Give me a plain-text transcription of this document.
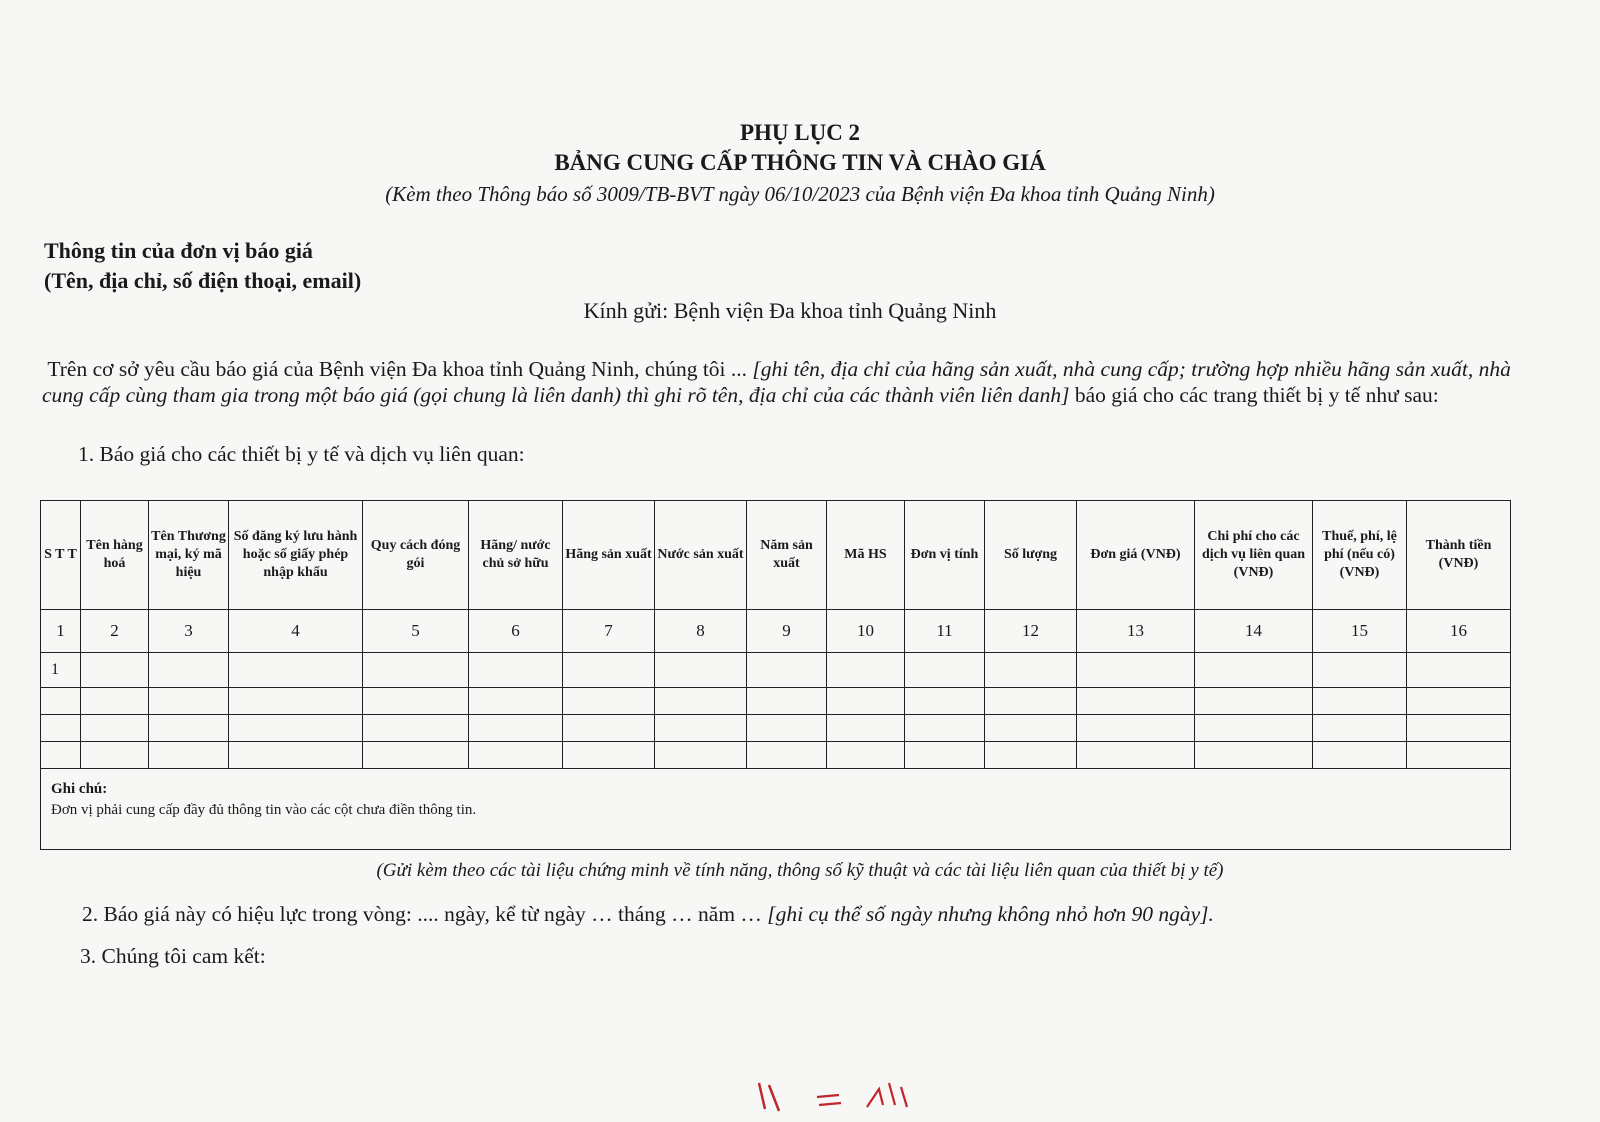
PHỤ LỤC 2
BẢNG CUNG CẤP THÔNG TIN VÀ CHÀO GIÁ
(Kèm theo Thông báo số 3009/TB-BVT ngày 06/10/2023 của Bệnh viện Đa khoa tỉnh Quảng Ninh)
Thông tin của đơn vị báo giá
(Tên, địa chỉ, số điện thoại, email)
Kính gửi: Bệnh viện Đa khoa tỉnh Quảng Ninh
Trên cơ sở yêu cầu báo giá của Bệnh viện Đa khoa tỉnh Quảng Ninh, chúng tôi ... [ghi tên, địa chỉ của hãng sản xuất, nhà cung cấp; trường hợp nhiều hãng sản xuất, nhà cung cấp cùng tham gia trong một báo giá (gọi chung là liên danh) thì ghi rõ tên, địa chỉ của các thành viên liên danh] báo giá cho các trang thiết bị y tế như sau:
1. Báo giá cho các thiết bị y tế và dịch vụ liên quan:
S T T	Tên hàng hoá	Tên Thương mại, ký mã hiệu	Số đăng ký lưu hành hoặc số giấy phép nhập khẩu	Quy cách đóng gói	Hãng/ nước chủ sở hữu	Hãng sản xuất	Nước sản xuất	Năm sản xuất	Mã HS	Đơn vị tính	Số lượng	Đơn giá (VNĐ)	Chi phí cho các dịch vụ liên quan (VNĐ)	Thuế, phí, lệ phí (nếu có) (VNĐ)	Thành tiền (VNĐ)
1	2	3	4	5	6	7	8	9	10	11	12	13	14	15	16
1															

Ghi chú:
Đơn vị phải cung cấp đầy đủ thông tin vào các cột chưa điền thông tin.															
(Gửi kèm theo các tài liệu chứng minh về tính năng, thông số kỹ thuật và các tài liệu liên quan của thiết bị y tế)
2. Báo giá này có hiệu lực trong vòng: .... ngày, kể từ ngày … tháng … năm … [ghi cụ thể số ngày nhưng không nhỏ hơn 90 ngày].
3. Chúng tôi cam kết:
